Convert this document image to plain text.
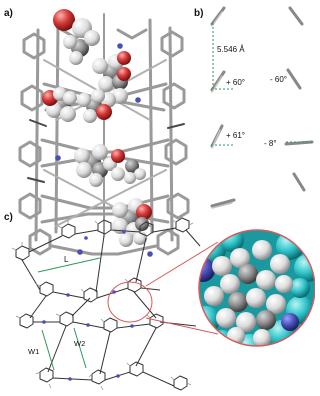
a)	b)
5.546 Å
+ 60°	- 60°
+ 61°
- 8°
c)
L
W1
W2
